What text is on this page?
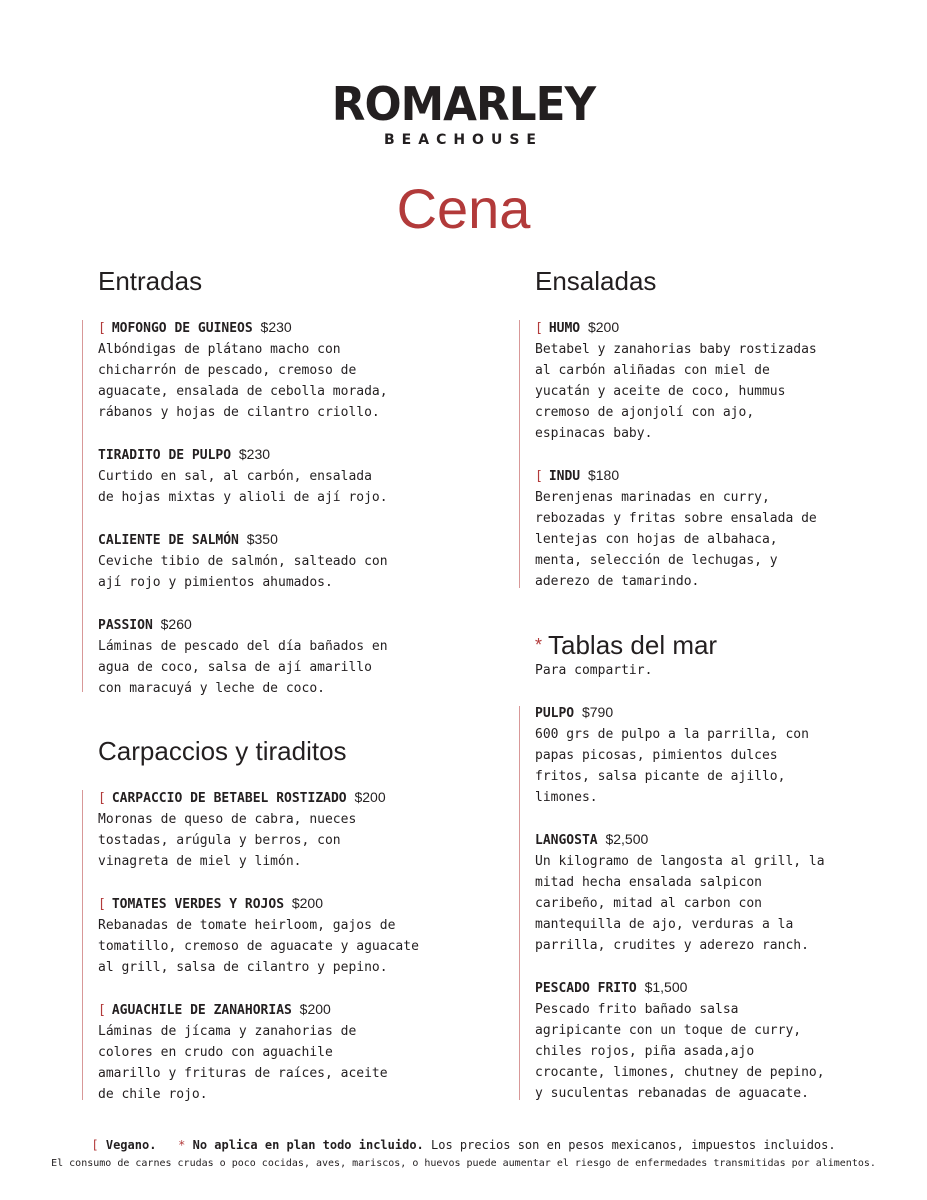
ROMARLEY
BEACHOUSE
Cena
Entradas
[ MOFONGO DE GUINEOS $230
Albóndigas de plátano macho con
chicharrón de pescado, cremoso de
aguacate, ensalada de cebolla morada,
rábanos y hojas de cilantro criollo.
TIRADITO DE PULPO $230
Curtido en sal, al carbón, ensalada
de hojas mixtas y alioli de ají rojo.
CALIENTE DE SALMÓN $350
Ceviche tibio de salmón, salteado con
ají rojo y pimientos ahumados.
PASSION $260
Láminas de pescado del día bañados en
agua de coco, salsa de ají amarillo
con maracuyá y leche de coco.
Carpaccios y tiraditos
[ CARPACCIO DE BETABEL ROSTIZADO $200
Moronas de queso de cabra, nueces
tostadas, arúgula y berros, con
vinagreta de miel y limón.
[ TOMATES VERDES Y ROJOS $200
Rebanadas de tomate heirloom, gajos de
tomatillo, cremoso de aguacate y aguacate
al grill, salsa de cilantro y pepino.
[ AGUACHILE DE ZANAHORIAS $200
Láminas de jícama y zanahorias de
colores en crudo con aguachile
amarillo y frituras de raíces, aceite
de chile rojo.
Ensaladas
[ HUMO $200
Betabel y zanahorias baby rostizadas
al carbón aliñadas con miel de
yucatán y aceite de coco, hummus
cremoso de ajonjolí con ajo,
espinacas baby.
[ INDU $180
Berenjenas marinadas en curry,
rebozadas y fritas sobre ensalada de
lentejas con hojas de albahaca,
menta, selección de lechugas, y
aderezo de tamarindo.
* Tablas del mar
Para compartir.
PULPO $790
600 grs de pulpo a la parrilla, con
papas picosas, pimientos dulces
fritos, salsa picante de ajillo,
limones.
LANGOSTA $2,500
Un kilogramo de langosta al grill, la
mitad hecha ensalada salpicon
caribeño, mitad al carbon con
mantequilla de ajo, verduras a la
parrilla, crudites y aderezo ranch.
PESCADO FRITO $1,500
Pescado frito bañado salsa
agripicante con un toque de curry,
chiles rojos, piña asada,ajo
crocante, limones, chutney de pepino,
y suculentas rebanadas de aguacate.
[ Vegano. * No aplica en plan todo incluido. Los precios son en pesos mexicanos, impuestos incluidos.
El consumo de carnes crudas o poco cocidas, aves, mariscos, o huevos puede aumentar el riesgo de enfermedades transmitidas por alimentos.
